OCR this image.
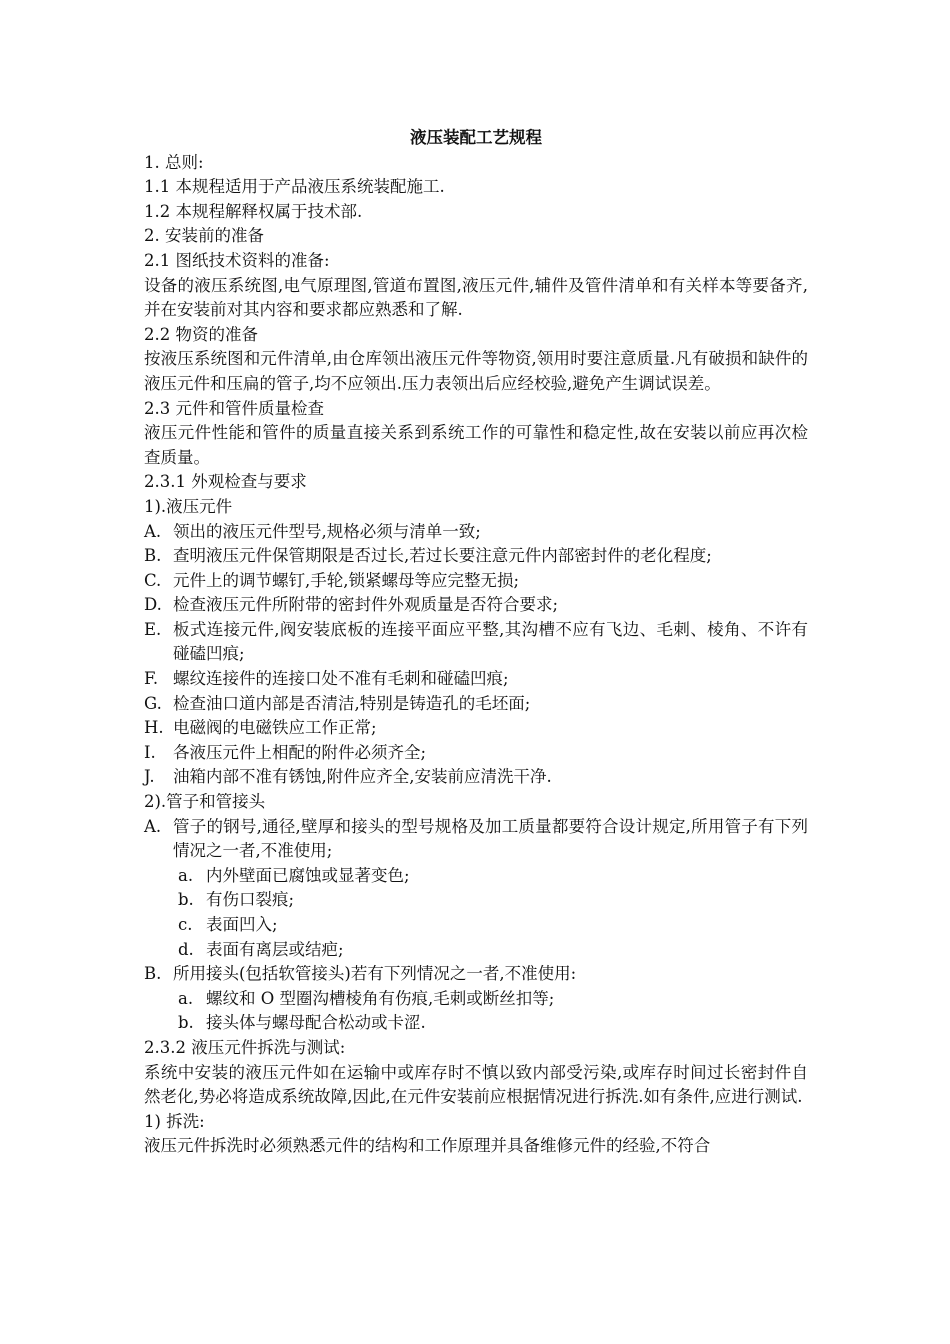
液压装配工艺规程
1. 总则:
1.1 本规程适用于产品液压系统装配施工.
1.2 本规程解释权属于技术部.
2. 安装前的准备
2.1 图纸技术资料的准备:
设备的液压系统图,电气原理图,管道布置图,液压元件,辅件及管件清单和有关样本等要备齐,并在安装前对其内容和要求都应熟悉和了解.
2.2 物资的准备
按液压系统图和元件清单,由仓库领出液压元件等物资,领用时要注意质量.凡有破损和缺件的液压元件和压扁的管子,均不应领出.压力表领出后应经校验,避免产生调试误差。
2.3 元件和管件质量检查
液压元件性能和管件的质量直接关系到系统工作的可靠性和稳定性,故在安装以前应再次检查质量。
2.3.1 外观检查与要求
1).液压元件
A. 领出的液压元件型号,规格必须与清单一致;
B. 查明液压元件保管期限是否过长,若过长要注意元件内部密封件的老化程度;
C. 元件上的调节螺钉,手轮,锁紧螺母等应完整无损;
D. 检查液压元件所附带的密封件外观质量是否符合要求;
E. 板式连接元件,阀安装底板的连接平面应平整,其沟槽不应有飞边、毛刺、棱角、不许有碰磕凹痕;
F. 螺纹连接件的连接口处不准有毛刺和碰磕凹痕;
G. 检查油口道内部是否清洁,特别是铸造孔的毛坯面;
H. 电磁阀的电磁铁应工作正常;
I. 各液压元件上相配的附件必须齐全;
J. 油箱内部不准有锈蚀,附件应齐全,安装前应清洗干净.
2).管子和管接头
A. 管子的钢号,通径,壁厚和接头的型号规格及加工质量都要符合设计规定,所用管子有下列情况之一者,不准使用;
a. 内外壁面已腐蚀或显著变色;
b. 有伤口裂痕;
c. 表面凹入;
d. 表面有离层或结疤;
B. 所用接头(包括软管接头)若有下列情况之一者,不准使用:
a. 螺纹和 O 型圈沟槽棱角有伤痕,毛刺或断丝扣等;
b. 接头体与螺母配合松动或卡涩.
2.3.2 液压元件拆洗与测试:
系统中安装的液压元件如在运输中或库存时不慎以致内部受污染,或库存时间过长密封件自然老化,势必将造成系统故障,因此,在元件安装前应根据情况进行拆洗.如有条件,应进行测试.
1) 拆洗:
液压元件拆洗时必须熟悉元件的结构和工作原理并具备维修元件的经验,不符合
